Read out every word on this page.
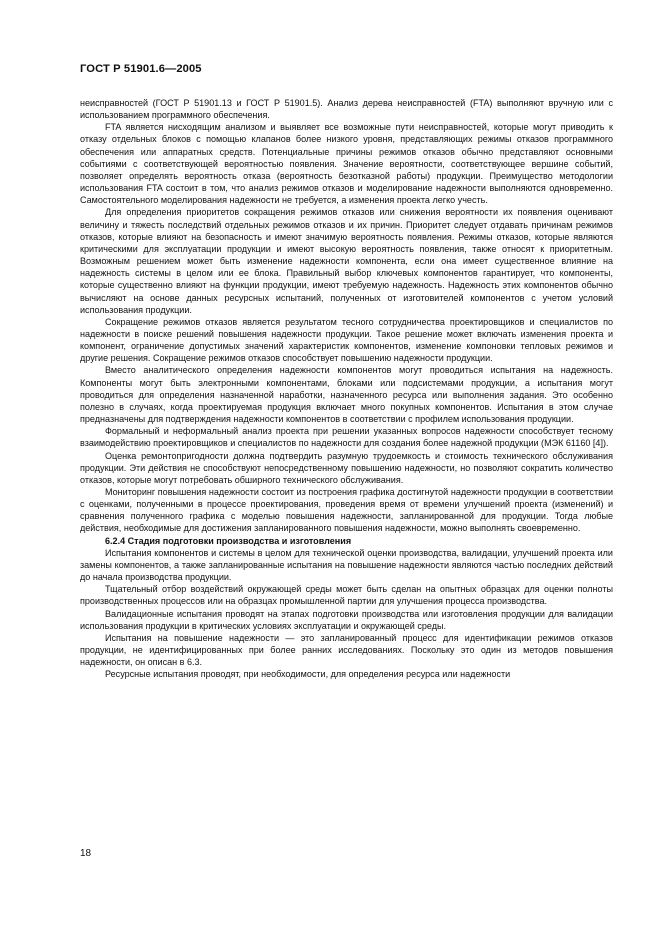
ГОСТ Р 51901.6—2005

неисправностей (ГОСТ Р 51901.13 и ГОСТ Р 51901.5). Анализ дерева неисправностей (FTA) выполняют вручную или с использованием программного обеспечения.

FTA является нисходящим анализом и выявляет все возможные пути неисправностей, которые могут приводить к отказу отдельных блоков с помощью клапанов более низкого уровня, представляющих режимы отказов программного обеспечения или аппаратных средств. Потенциальные причины режимов отказов обычно представляют основными событиями с соответствующей вероятностью появления. Значение вероятности, соответствующее вершине событий, позволяет определять вероятность отказа (вероятность безотказной работы) продукции. Преимущество методологии использования FTA состоит в том, что анализ режимов отказов и моделирование надежности выполняются одновременно. Самостоятельного моделирования надежности не требуется, а изменения проекта легко учесть.

Для определения приоритетов сокращения режимов отказов или снижения вероятности их появления оценивают величину и тяжесть последствий отдельных режимов отказов и их причин. Приоритет следует отдавать причинам режимов отказов, которые влияют на безопасность и имеют значимую вероятность появления. Режимы отказов, которые являются критическими для эксплуатации продукции и имеют высокую вероятность появления, также относят к приоритетным. Возможным решением может быть изменение надежности компонента, если она имеет существенное влияние на надежность системы в целом или ее блока. Правильный выбор ключевых компонентов гарантирует, что компоненты, которые существенно влияют на функции продукции, имеют требуемую надежность. Надежность этих компонентов обычно вычисляют на основе данных ресурсных испытаний, полученных от изготовителей компонентов с учетом условий использования продукции.

Сокращение режимов отказов является результатом тесного сотрудничества проектировщиков и специалистов по надежности в поиске решений повышения надежности продукции. Такое решение может включать изменения проекта и компонент, ограничение допустимых значений характеристик компонентов, изменение компоновки тепловых режимов и другие решения. Сокращение режимов отказов способствует повышению надежности продукции.

Вместо аналитического определения надежности компонентов могут проводиться испытания на надежность. Компоненты могут быть электронными компонентами, блоками или подсистемами продукции, а испытания могут проводиться для определения назначенной наработки, назначенного ресурса или выполнения задания. Это особенно полезно в случаях, когда проектируемая продукция включает много покупных компонентов. Испытания в этом случае предназначены для подтверждения надежности компонентов в соответствии с профилем использования продукции.

Формальный и неформальный анализ проекта при решении указанных вопросов надежности способствует тесному взаимодействию проектировщиков и специалистов по надежности для создания более надежной продукции (МЭК 61160 [4]).

Оценка ремонтопригодности должна подтвердить разумную трудоемкость и стоимость технического обслуживания продукции. Эти действия не способствуют непосредственному повышению надежности, но позволяют сократить количество отказов, которые могут потребовать обширного технического обслуживания.

Мониторинг повышения надежности состоит из построения графика достигнутой надежности продукции в соответствии с оценками, полученными в процессе проектирования, проведения время от времени улучшений проекта (изменений) и сравнения полученного графика с моделью повышения надежности, запланированной для продукции. Тогда любые действия, необходимые для достижения запланированного повышения надежности, можно выполнять своевременно.

6.2.4 Стадия подготовки производства и изготовления

Испытания компонентов и системы в целом для технической оценки производства, валидации, улучшений проекта или замены компонентов, а также запланированные испытания на повышение надежности являются частью последних действий до начала производства продукции.

Тщательный отбор воздействий окружающей среды может быть сделан на опытных образцах для оценки полноты производственных процессов или на образцах промышленной партии для улучшения процесса производства.

Валидационные испытания проводят на этапах подготовки производства или изготовления продукции для валидации использования продукции в критических условиях эксплуатации и окружающей среды.

Испытания на повышение надежности — это запланированный процесс для идентификации режимов отказов продукции, не идентифицированных при более ранних исследованиях. Поскольку это один из методов повышения надежности, он описан в 6.3.

Ресурсные испытания проводят, при необходимости, для определения ресурса или надежности

18
